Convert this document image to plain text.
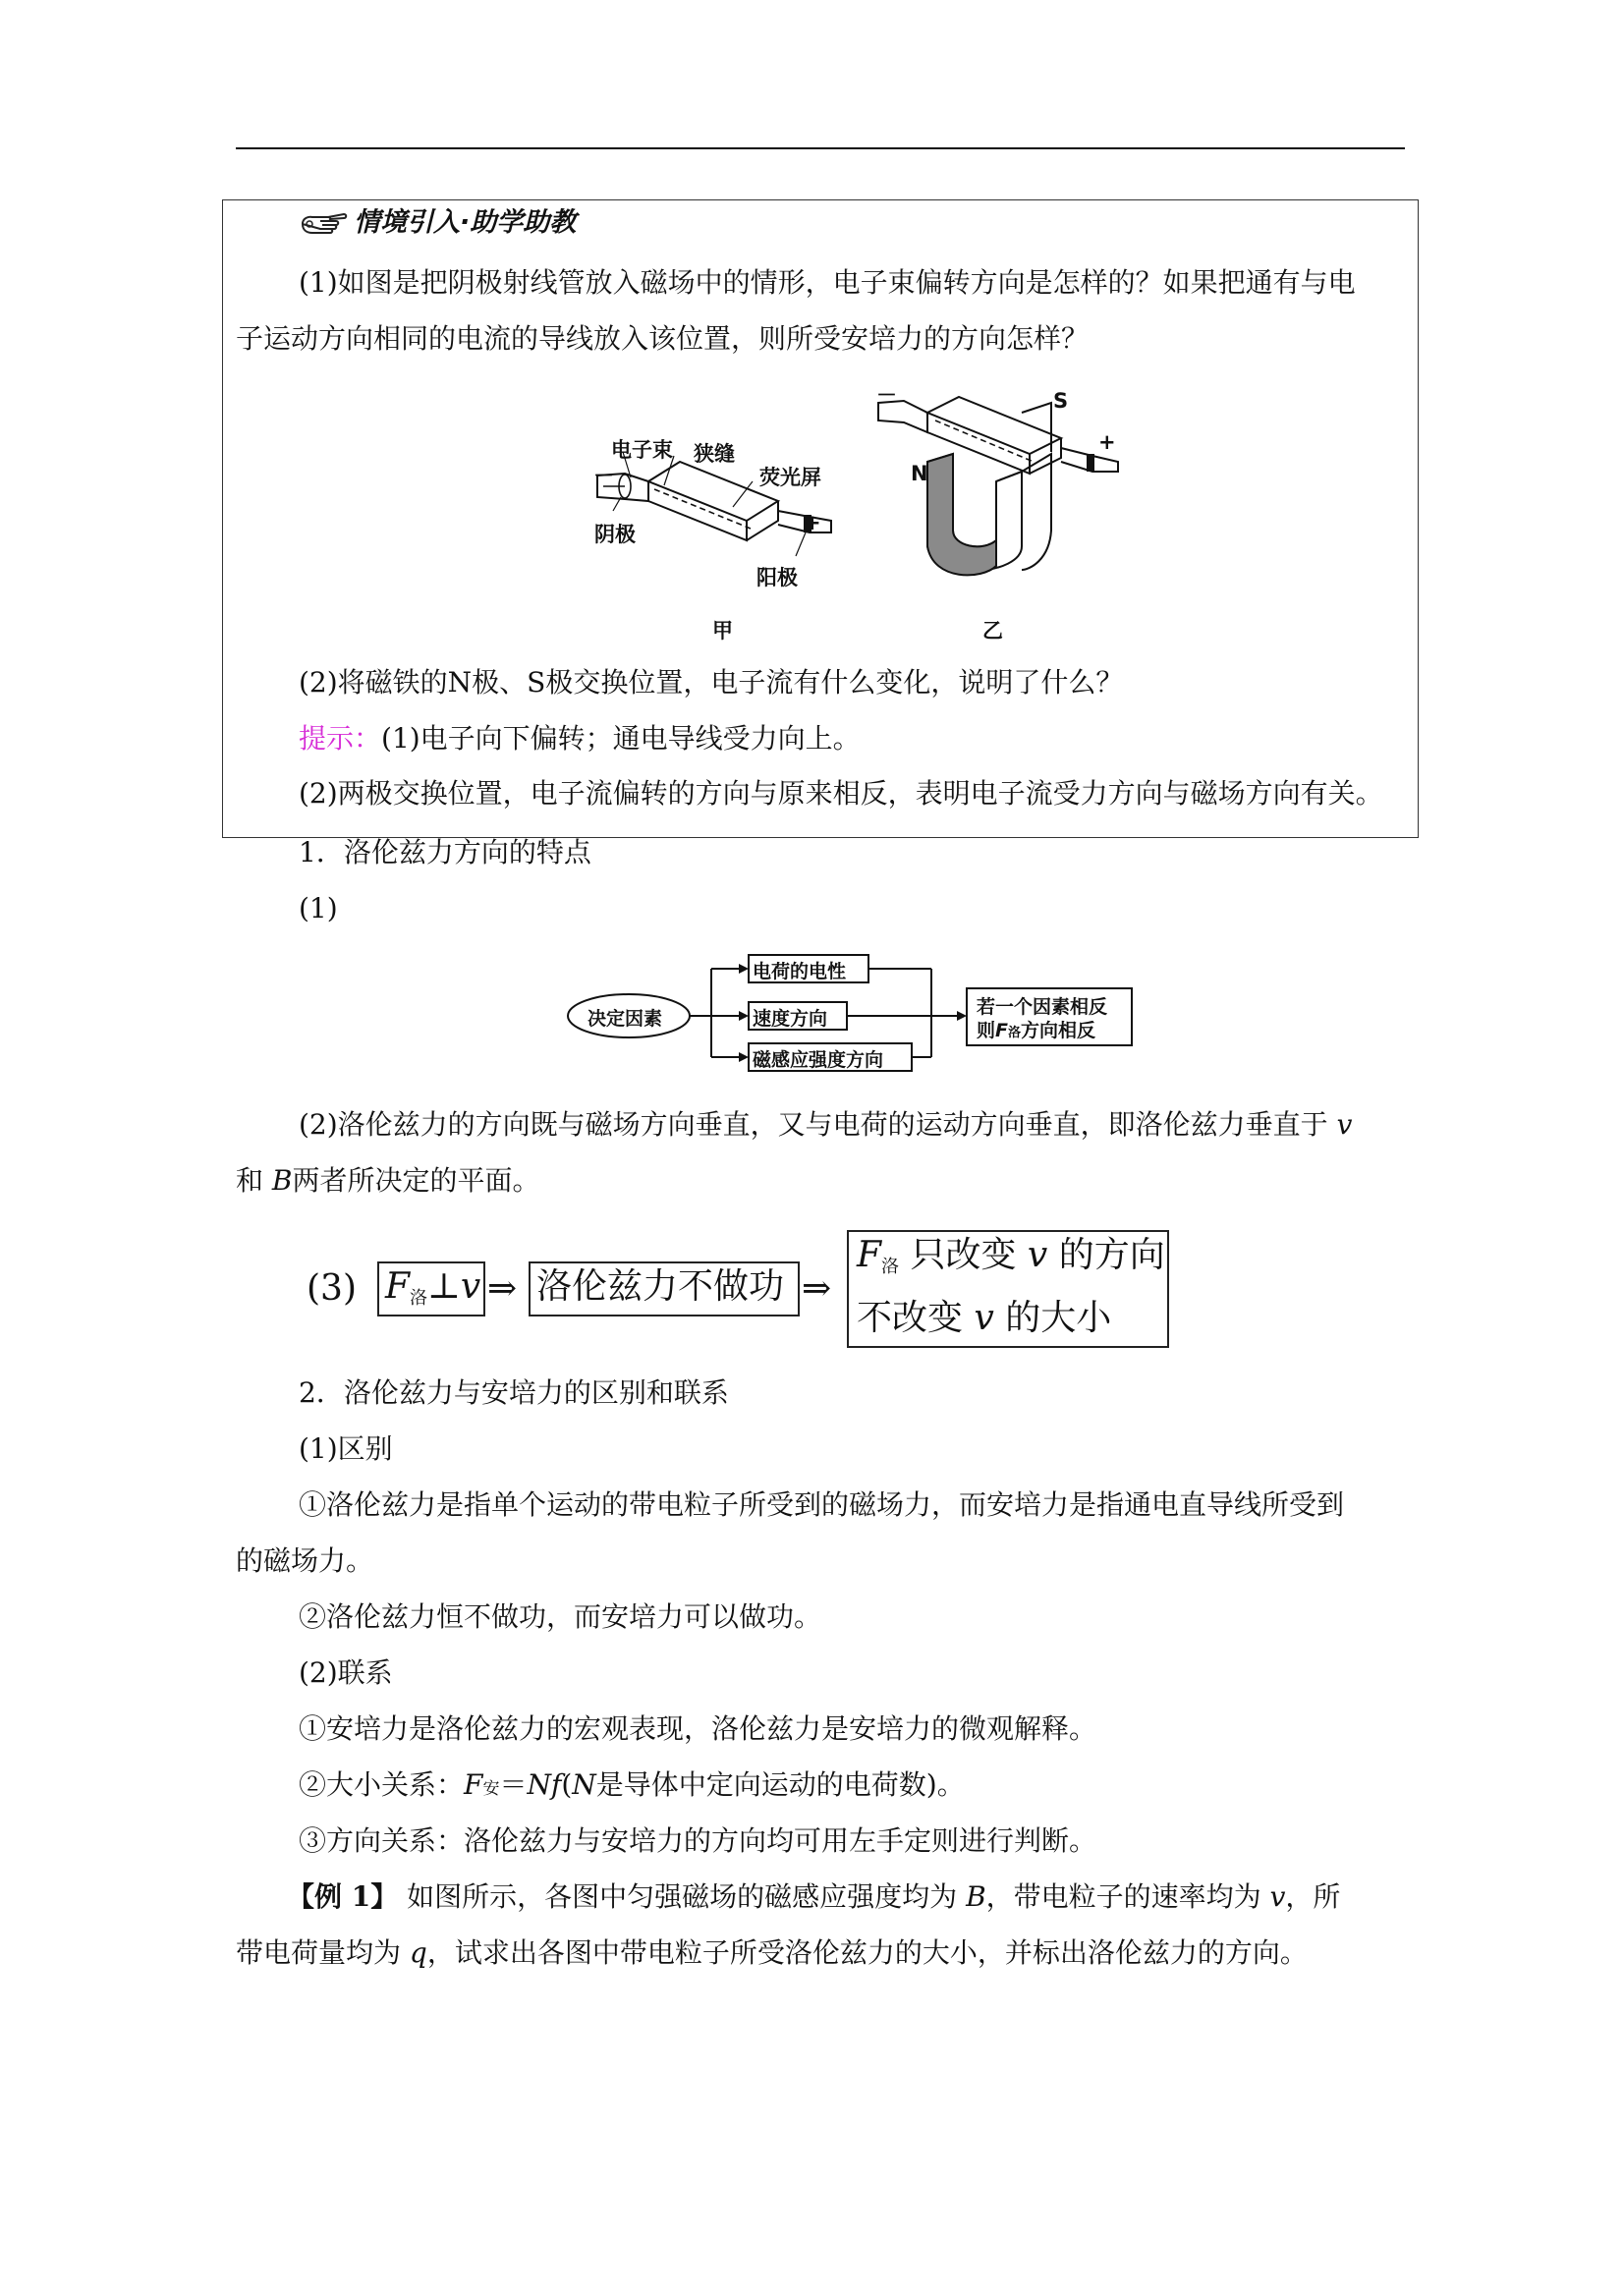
情境引入·助学助教
(1)如图是把阴极射线管放入磁场中的情形，电子束偏转方向是怎样的？如果把通有与电
子运动方向相同的电流的导线放入该位置，则所受安培力的方向怎样？
电子束 狭缝
荧光屏
阴极
阳极
－
+
甲
S
N
－
+
乙
(2)将磁铁的N极、S极交换位置，电子流有什么变化，说明了什么？
提示：(1)电子向下偏转；通电导线受力向上。
(2)两极交换位置，电子流偏转的方向与原来相反，表明电子流受力方向与磁场方向有关。
1．洛伦兹力方向的特点
(1)
决定因素
电荷的电性
速度方向
磁感应强度方向
若一个因素相反
则F洛方向相反
(2)洛伦兹力的方向既与磁场方向垂直，又与电荷的运动方向垂直，即洛伦兹力垂直于 v
和 B两者所决定的平面。
(3) $F_洛\perp v$ ⇒ 洛伦兹力不做功 ⇒
$F_洛$ 只改变 v 的方向
不改变 v 的大小
2．洛伦兹力与安培力的区别和联系
(1)区别
①洛伦兹力是指单个运动的带电粒子所受到的磁场力，而安培力是指通电直导线所受到
的磁场力。
②洛伦兹力恒不做功，而安培力可以做功。
(2)联系
①安培力是洛伦兹力的宏观表现，洛伦兹力是安培力的微观解释。
②大小关系：F安＝Nf(N是导体中定向运动的电荷数)。
③方向关系：洛伦兹力与安培力的方向均可用左手定则进行判断。
【例 1】 如图所示，各图中匀强磁场的磁感应强度均为 B，带电粒子的速率均为 v，所
带电荷量均为 q，试求出各图中带电粒子所受洛伦兹力的大小，并标出洛伦兹力的方向。
